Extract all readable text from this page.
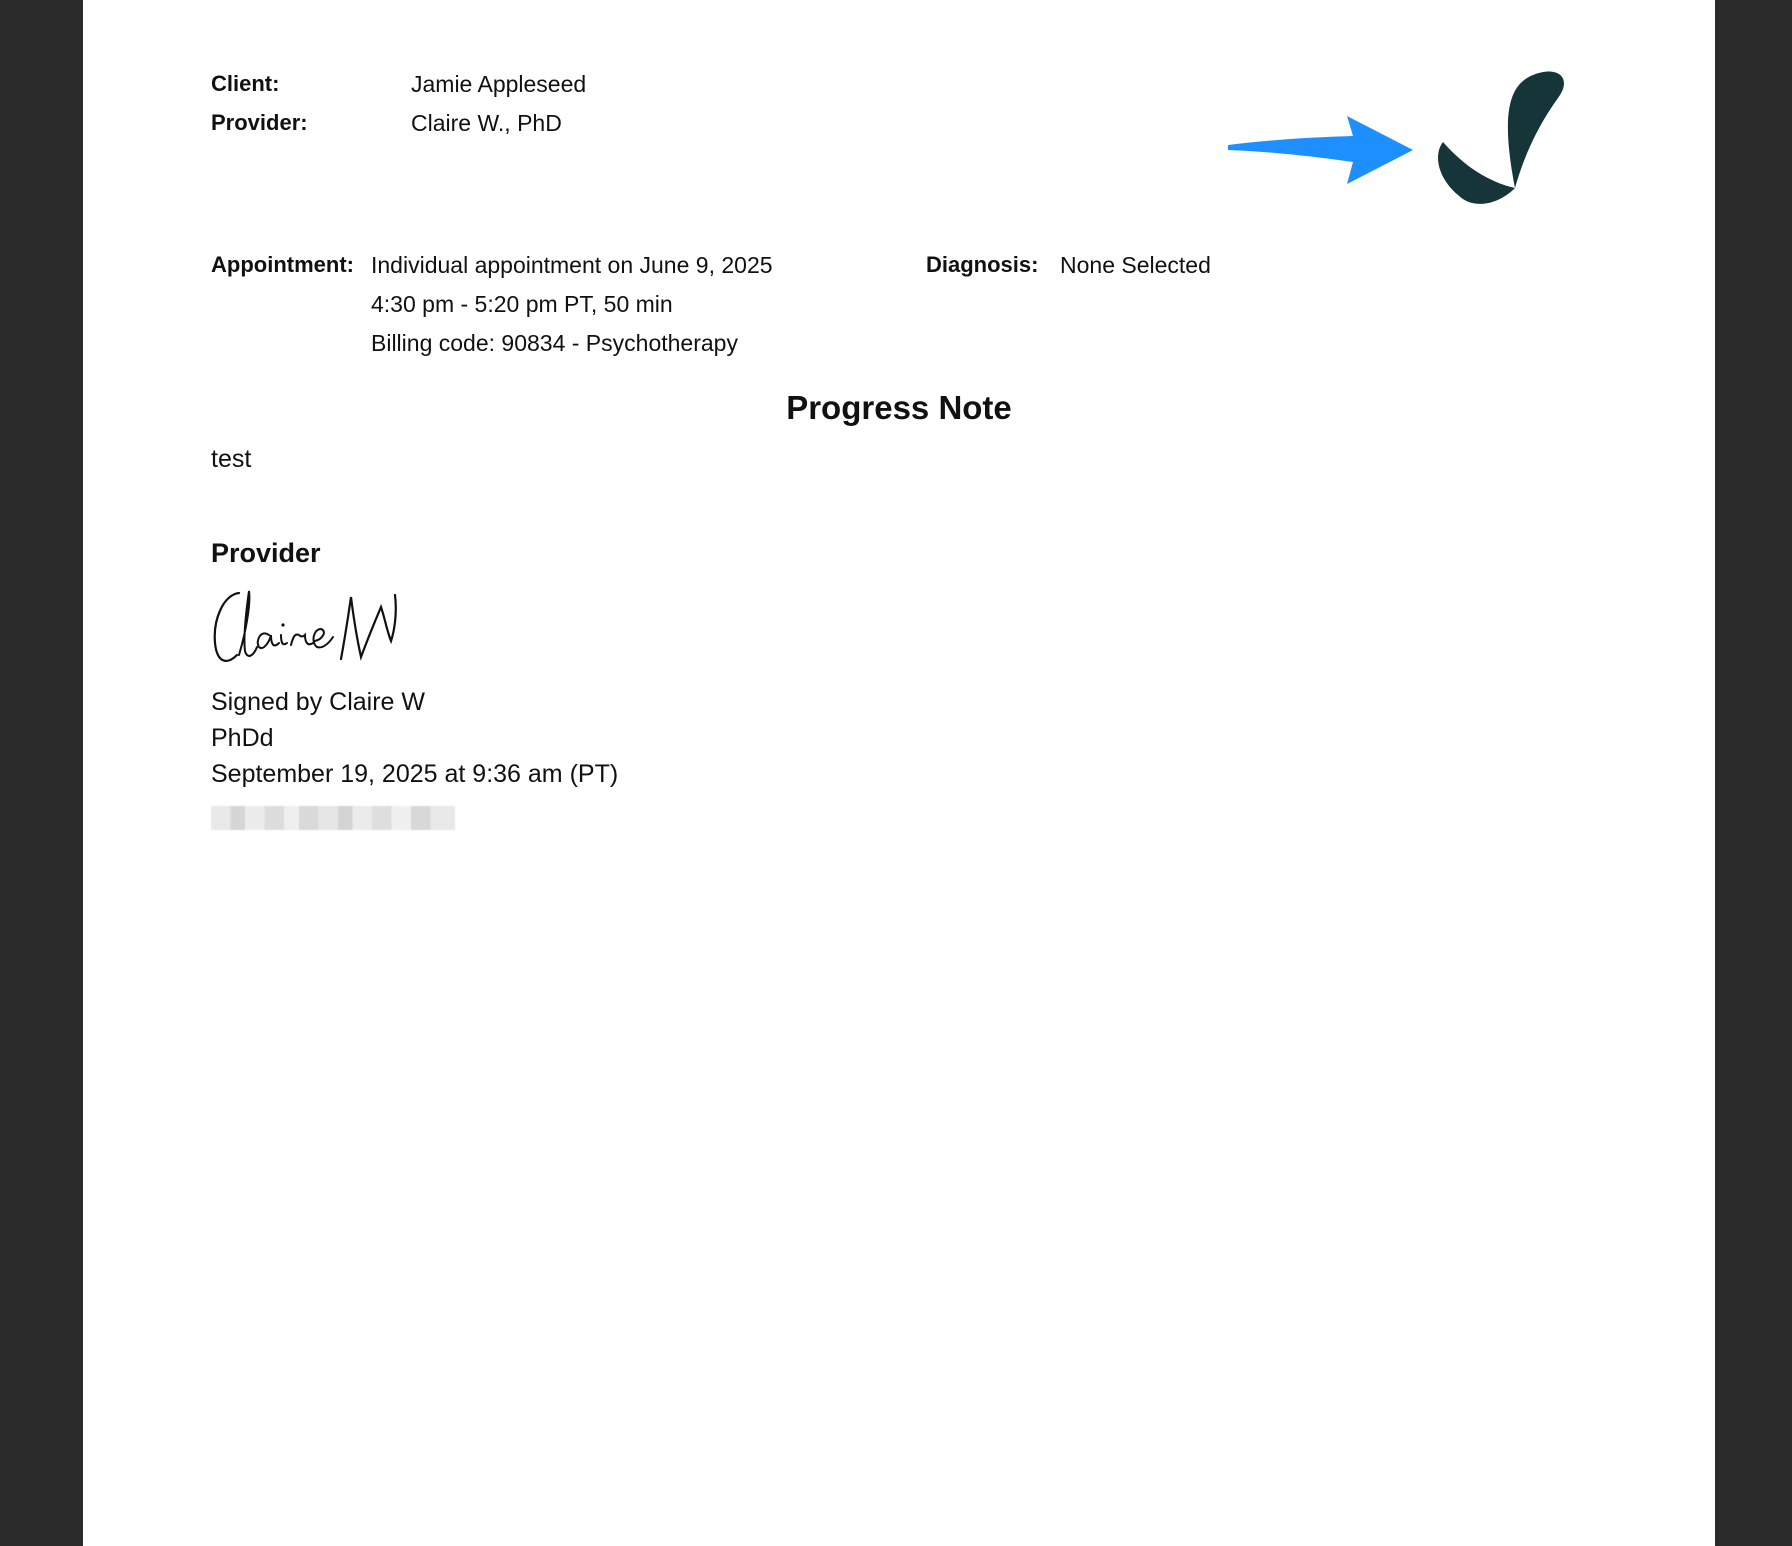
Client:	Jamie Appleseed
Provider:	Claire W., PhD
Appointment: Individual appointment on June 9, 2025
4:30 pm - 5:20 pm PT, 50 min
Billing code: 90834 - Psychotherapy
Diagnosis: None Selected
Progress Note
test
Provider
Signed by Claire W
PhDd
September 19, 2025 at 9:36 am (PT)
